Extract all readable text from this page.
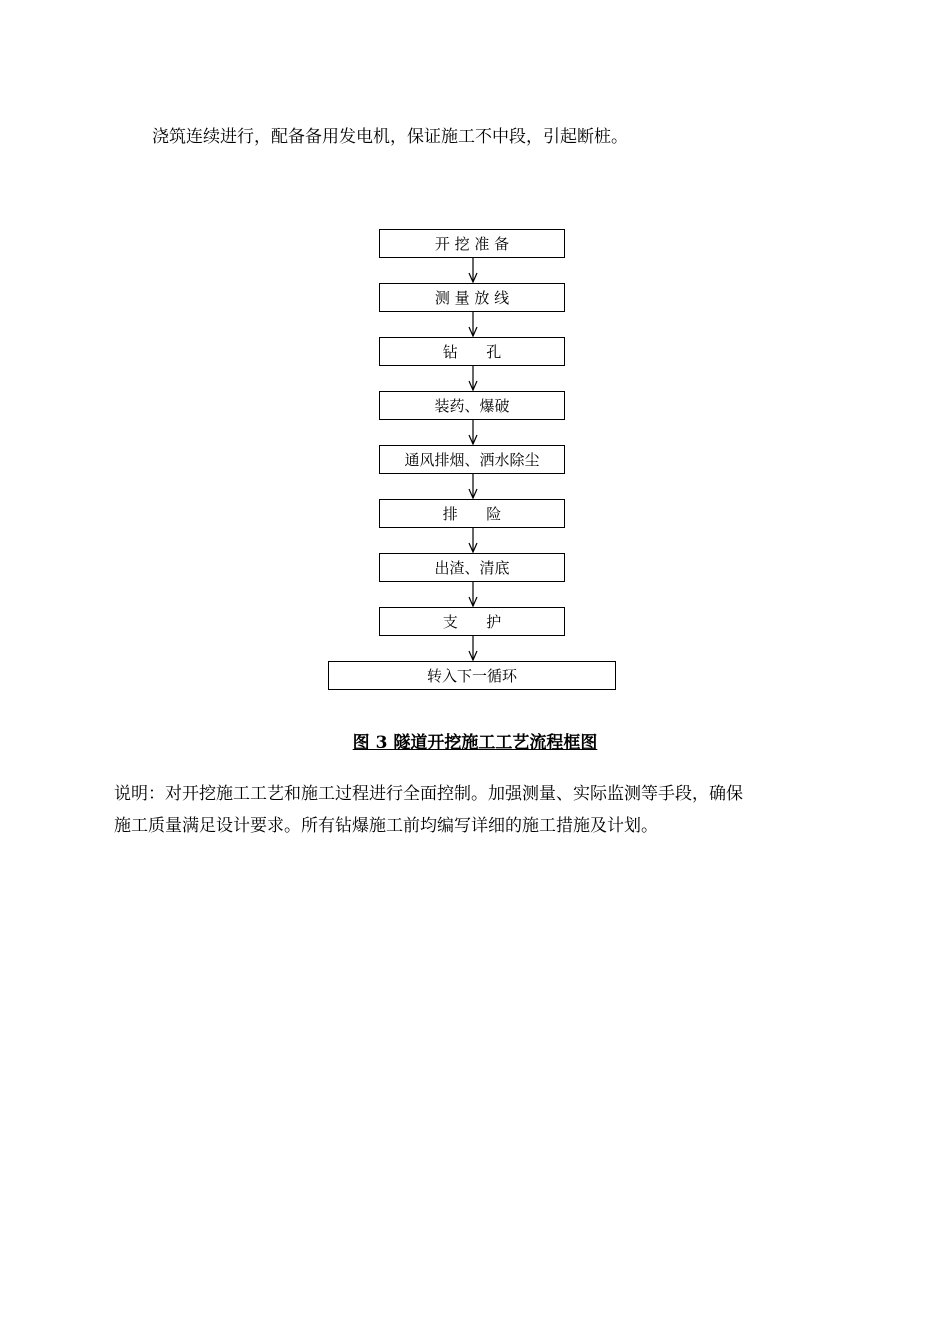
浇筑连续进行，配备备用发电机，保证施工不中段，引起断桩。

开 挖 准 备
测 量 放 线
钻      孔
装药、爆破
通风排烟、洒水除尘
排      险
出渣、清底
支      护
转入下一循环
图 3 隧道开挖施工工艺流程框图
说明：对开挖施工工艺和施工过程进行全面控制。加强测量、实际监测等手段，确保
施工质量满足设计要求。所有钻爆施工前均编写详细的施工措施及计划。
